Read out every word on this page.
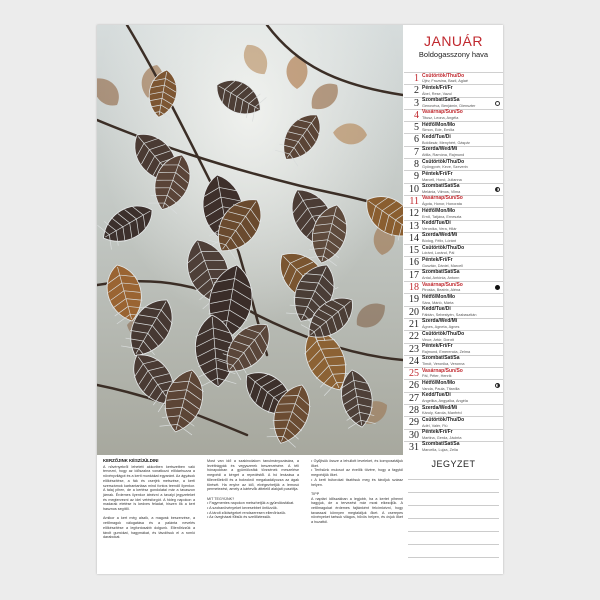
JANUÁR
Boldogasszony hava
1 Csütörtök/Thu/Do
Újév, Fruzsina, Bazil, Aglaé
2 Péntek/Fri/Fr
Ábel, Rese, Vazul
3 Szombat/Sat/Sa
Genovéva, Benjámin, Dienszter
4 Vasárnap/Sun/So
Titusz, Leona, Angéla
5 Hétfő/Mon/Mo
Simon, Ede, Emília
6 Kedd/Tue/Di
Boldizsár, Menyhért, Gáspár
7 Szerda/Wed/Mi
Attila, Ramóna, Rajmund
8 Csütörtök/Thu/Do
Gyöngyvér, Keve, Szeverin
9 Péntek/Fri/Fr
Marcell, Honó, Julianna
10 Szombat/Sat/Sa
Melánia, Vilmos, Vilma
11 Vasárnap/Sun/So
Ágota, Honor, Honorata
12 Hétfő/Mon/Mo
Ernő, Tatjána, Erneszta
13 Kedd/Tue/Di
Veronika, Vera, Hilár
14 Szerda/Wed/Mi
Bódog, Félix, Lóránt
15 Csütörtök/Thu/Do
Lóránt, Loránd, Pál
16 Péntek/Fri/Fr
Gusztáv, Dániel, Marcell
17 Szombat/Sat/Sa
Antal, Antónia, Antonn
18 Vasárnap/Sun/So
Piroska, Beatrix, Aléna
19 Hétfő/Mon/Mo
Sára, Márió, Márta
20 Kedd/Tue/Di
Fábián, Sebestyén, Szabasztián
21 Szerda/Wed/Mi
Ágnes, Agneta, Agnes
22 Csütörtök/Thu/Do
Vince, Artúr, Dorott
23 Péntek/Fri/Fr
Rajmund, Emerencia, Zelma
24 Szombat/Sat/Sa
Timót, Veronika, Veronna
25 Vasárnap/Sun/So
Pál, Péter, Henrik
26 Hétfő/Mon/Mo
Vanda, Paula, Titanilla
27 Kedd/Tue/Di
Angelika, Angyalka, Angéla
28 Szerda/Wed/Mi
Károly, Karola, Manfréd
29 Csütörtök/Thu/Do
Adél, Valér, Fiú
30 Péntek/Fri/Fr
Martina, Gerda, Jácinta
31 Szombat/Sat/Sa
Marcella, Lujza, Zelia
KERZŐJINK KÉSZÍJÜLDINI
A növényekről lehetett akkoriben kertszetben való tervezni, hogy az időszakra vonatkozó elődarhuzza a növényvilágot és a kerti munkákat egyaránt. Az ágyások előkészítése, a fák és cserjék metszése, a kerti szerszámok karbantartása mind fontos teendő ilyenkor. A talaj pihen, de a kertész gondolatai már a tavaszon járnak. Érdemes ilyenkor átnézni a tavalyi jegyzeteket és megtervezni az idei vetésforgót. A hideg napokon a madarak etetése is kedves feladat, hiszen ők a kert hasznos segítői.

Amikor a kert még alszik, a magvak beszerzése, a vetőmagok válogatása és a palánta nevelés előkészítése a legfontosabb dolgunk. Ellenőrizzük a tárolt gumókat, hagymákat, és távolítsuk el a romló darabokat.
Most van idő a szakirodalom tanulmányozására, a levéltrágyák és vegyszerek beszerzésére. A téli hónapokban a gyümölcsfák törzsének meszelése megvédi a kérget a repedéstől. A hó lerázása a tűlevelűekről és a bokrokról megakadályozza az ágak törését. Ha enyhe az idő, elvégezhetjük a lemosó permetezést, amely a kártevők áttelelő alakjait pusztítja.

MIT TEGYÜNK?
• Fagymentes napokon metszhetjük a gyümölcsfákat.
• A szobanövényeket kevesebbet öntözzük.
• A tárolt zöldségeket rendszeresen ellenőrizzük.
• Az üvegházat fűtsük és szellőztessük.
• Gyűjtsük össze a lehullott leveleket, és komposztáljuk őket.
• Terítsünk mulcsot az évelők tövére, hogy a fagytól megvédjük őket.
• A kerti bútorokat tisztítsuk meg és tároljuk száraz helyen.

TIPP
A naptári időszakban a legjobb, ha a kertet pihenni hagyjuk, de a tervezést már most elkezdjük. A vetőmagokat érdemes fajtánként felcímkézni, hogy tavasszal könnyen megtaláljuk őket. A cserepes növényeket tartsuk világos, hűvös helyen, és óvjuk őket a huzattól.
JEGYZET
